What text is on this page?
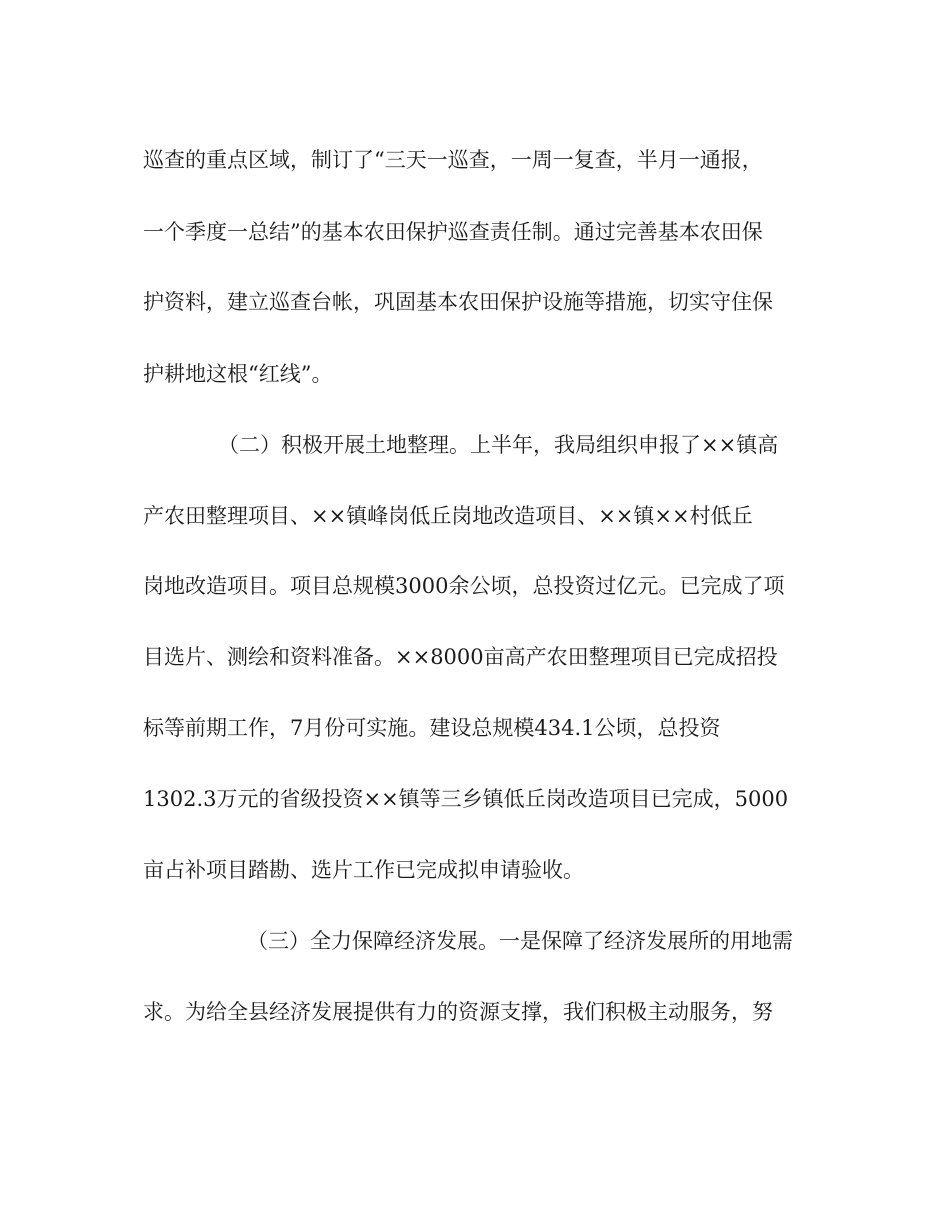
巡查的重点区域，制订了“三天一巡查，一周一复查，半月一通报，

一个季度一总结”的基本农田保护巡查责任制。通过完善基本农田保

护资料，建立巡查台帐，巩固基本农田保护设施等措施，切实守住保

护耕地这根“红线”。

（二）积极开展土地整理。上半年，我局组织申报了××镇高

产农田整理项目、××镇峰岗低丘岗地改造项目、××镇××村低丘

岗地改造项目。项目总规模3000余公顷，总投资过亿元。已完成了项

目选片、测绘和资料准备。××8000亩高产农田整理项目已完成招投

标等前期工作，7月份可实施。建设总规模434.1公顷，总投资

1302.3万元的省级投资××镇等三乡镇低丘岗改造项目已完成，5000

亩占补项目踏勘、选片工作已完成拟申请验收。

（三）全力保障经济发展。一是保障了经济发展所的用地需

求。为给全县经济发展提供有力的资源支撑，我们积极主动服务，努
